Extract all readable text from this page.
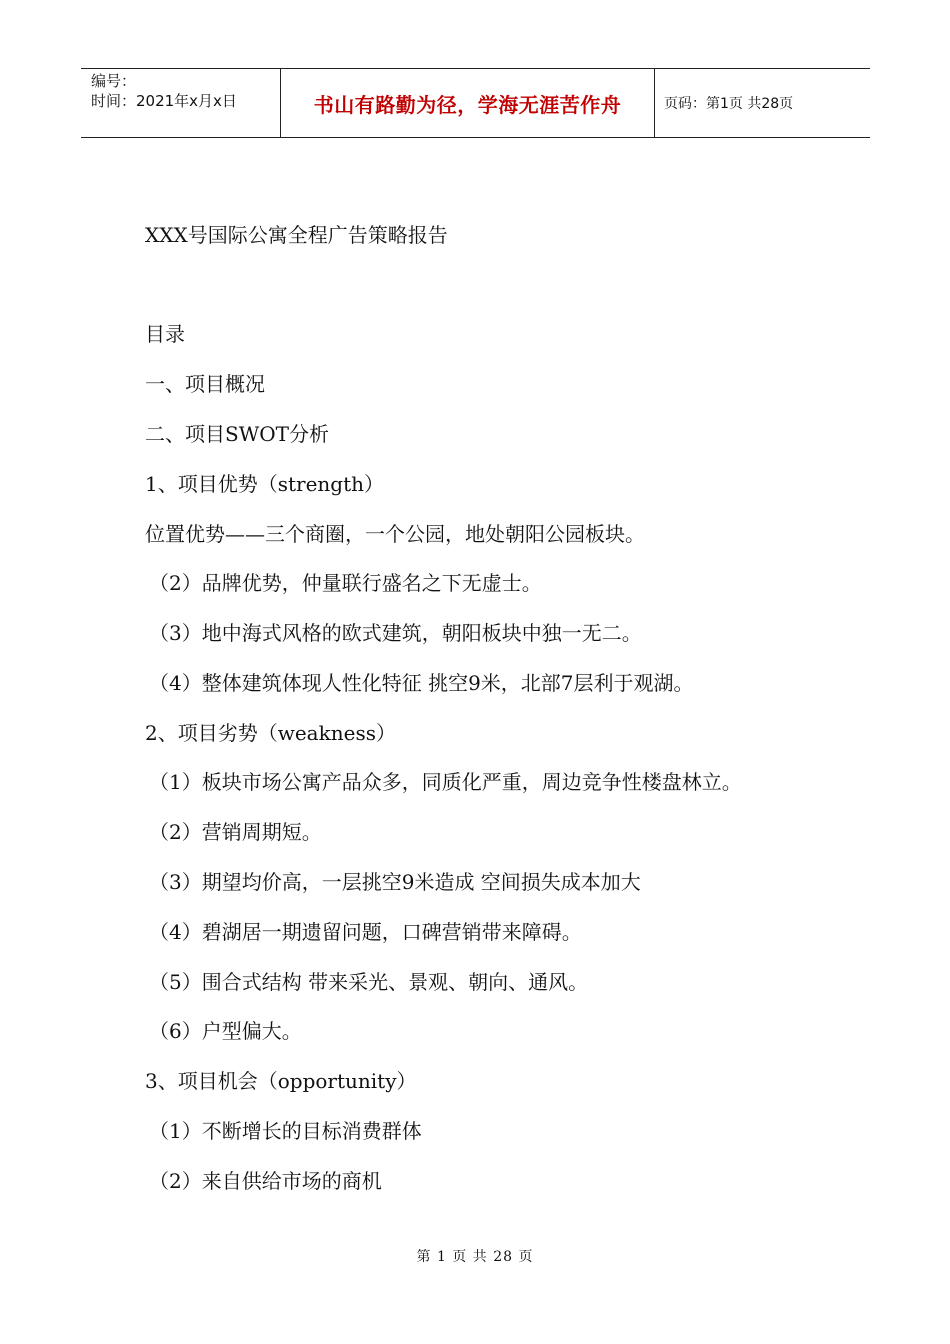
编号：
时间：2021年x月x日	书山有路勤为径，学海无涯苦作舟	页码：第1页 共28页
XXX号国际公寓全程广告策略报告
目录
一、项目概况
二、项目SWOT分析
1、项目优势（strength）
位置优势——三个商圈，一个公园，地处朝阳公园板块。
（2）品牌优势，仲量联行盛名之下无虚士。
（3）地中海式风格的欧式建筑，朝阳板块中独一无二。
（4）整体建筑体现人性化特征 挑空9米，北部7层利于观湖。
2、项目劣势（weakness）
（1）板块市场公寓产品众多，同质化严重，周边竞争性楼盘林立。
（2）营销周期短。
（3）期望均价高，一层挑空9米造成 空间损失成本加大
（4）碧湖居一期遗留问题，口碑营销带来障碍。
（5）围合式结构 带来采光、景观、朝向、通风。
（6）户型偏大。
3、项目机会（opportunity）
（1）不断增长的目标消费群体
（2）来自供给市场的商机
第 1 页 共 28 页
